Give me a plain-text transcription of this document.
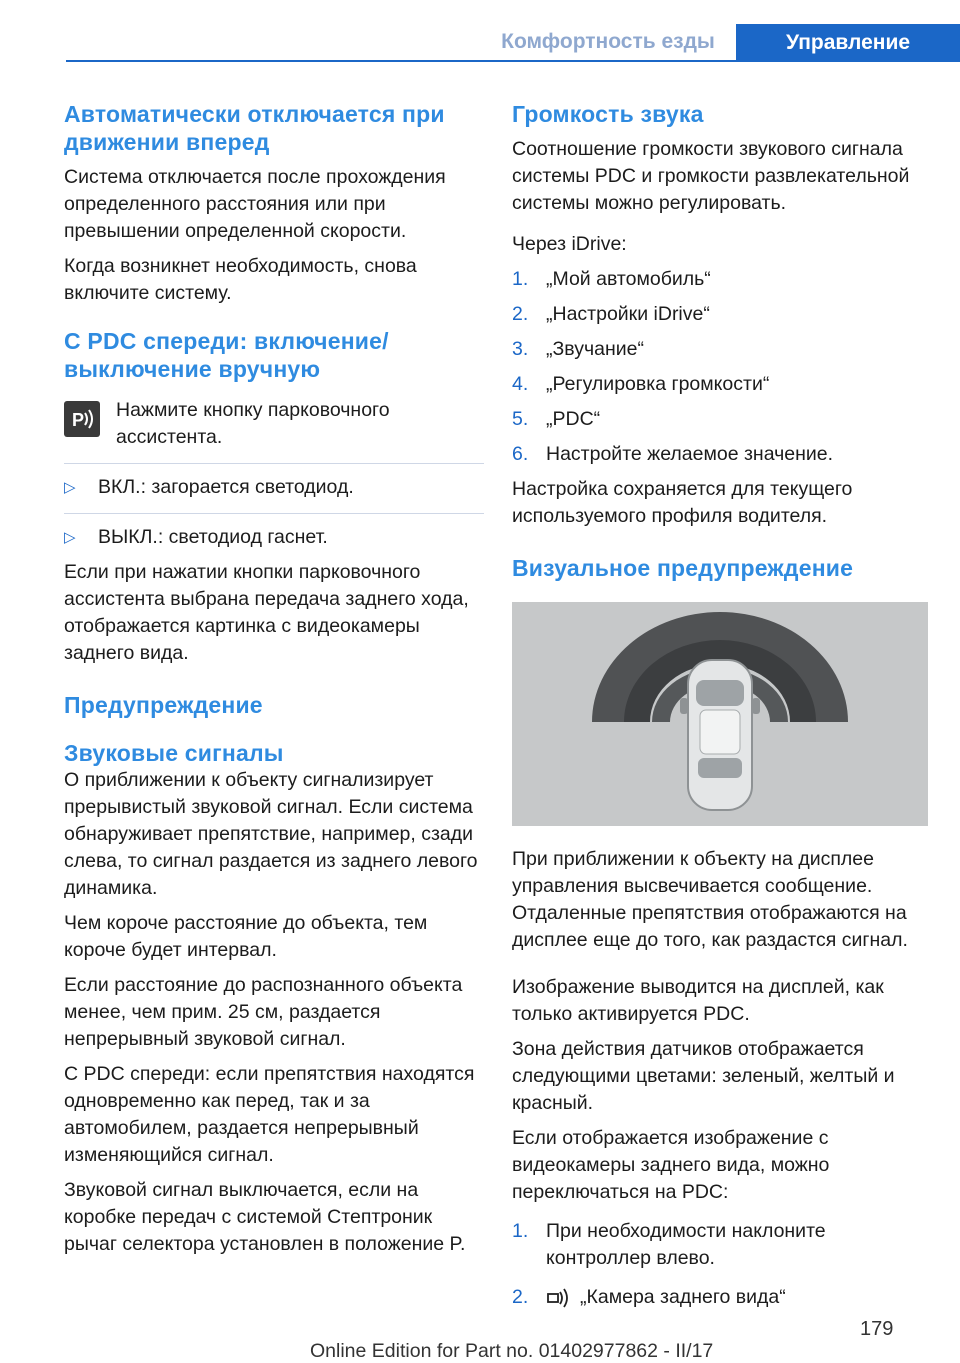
Комфортность езды	Управление
Автоматически отключается при движении вперед

Система отключается после прохождения определенного расстояния или при превышении определенной скорости.

Когда возникнет необходимость, снова включите систему.

С PDC спереди: включение/выключение вручную
P Нажмите кнопку парковочного ассистента.

▷	ВКЛ.: загорается светодиод.

▷	ВЫКЛ.: светодиод гаснет.

Если при нажатии кнопки парковочного ассистента выбрана передача заднего хода, отображается картинка с видеокамеры заднего вида.

Предупреждение
Звуковые сигналы

О приближении к объекту сигнализирует прерывистый звуковой сигнал. Если система обнаруживает препятствие, например, сзади слева, то сигнал раздается из заднего левого динамика.

Чем короче расстояние до объекта, тем короче будет интервал.

Если расстояние до распознанного объекта менее, чем прим. 25 см, раздается непрерывный звуковой сигнал.

С PDC спереди: если препятствия находятся одновременно как перед, так и за автомобилем, раздается непрерывный изменяющийся сигнал.

Звуковой сигнал выключается, если на коробке передач с системой Стептроник рычаг селектора установлен в положение P.

Громкость звука

Соотношение громкости звукового сигнала системы PDC и громкости развлекательной системы можно регулировать.

Через iDrive:

1. „Мой автомобиль“

2. „Настройки iDrive“

3. „Звучание“

4. „Регулировка громкости“

5. „PDC“

6. Настройте желаемое значение.

Настройка сохраняется для текущего используемого профиля водителя.

Визуальное предупреждение

При приближении к объекту на дисплее управления высвечивается сообщение. Отдаленные препятствия отображаются на дисплее еще до того, как раздастся сигнал.

Изображение выводится на дисплей, как только активируется PDC.

Зона действия датчиков отображается следующими цветами: зеленый, желтый и красный.

Если отображается изображение с видеокамеры заднего вида, можно переключаться на PDC:

1. При необходимости наклоните контроллер влево.

2.	„Камера заднего вида“

179
Online Edition for Part no. 01402977862 - II/17
